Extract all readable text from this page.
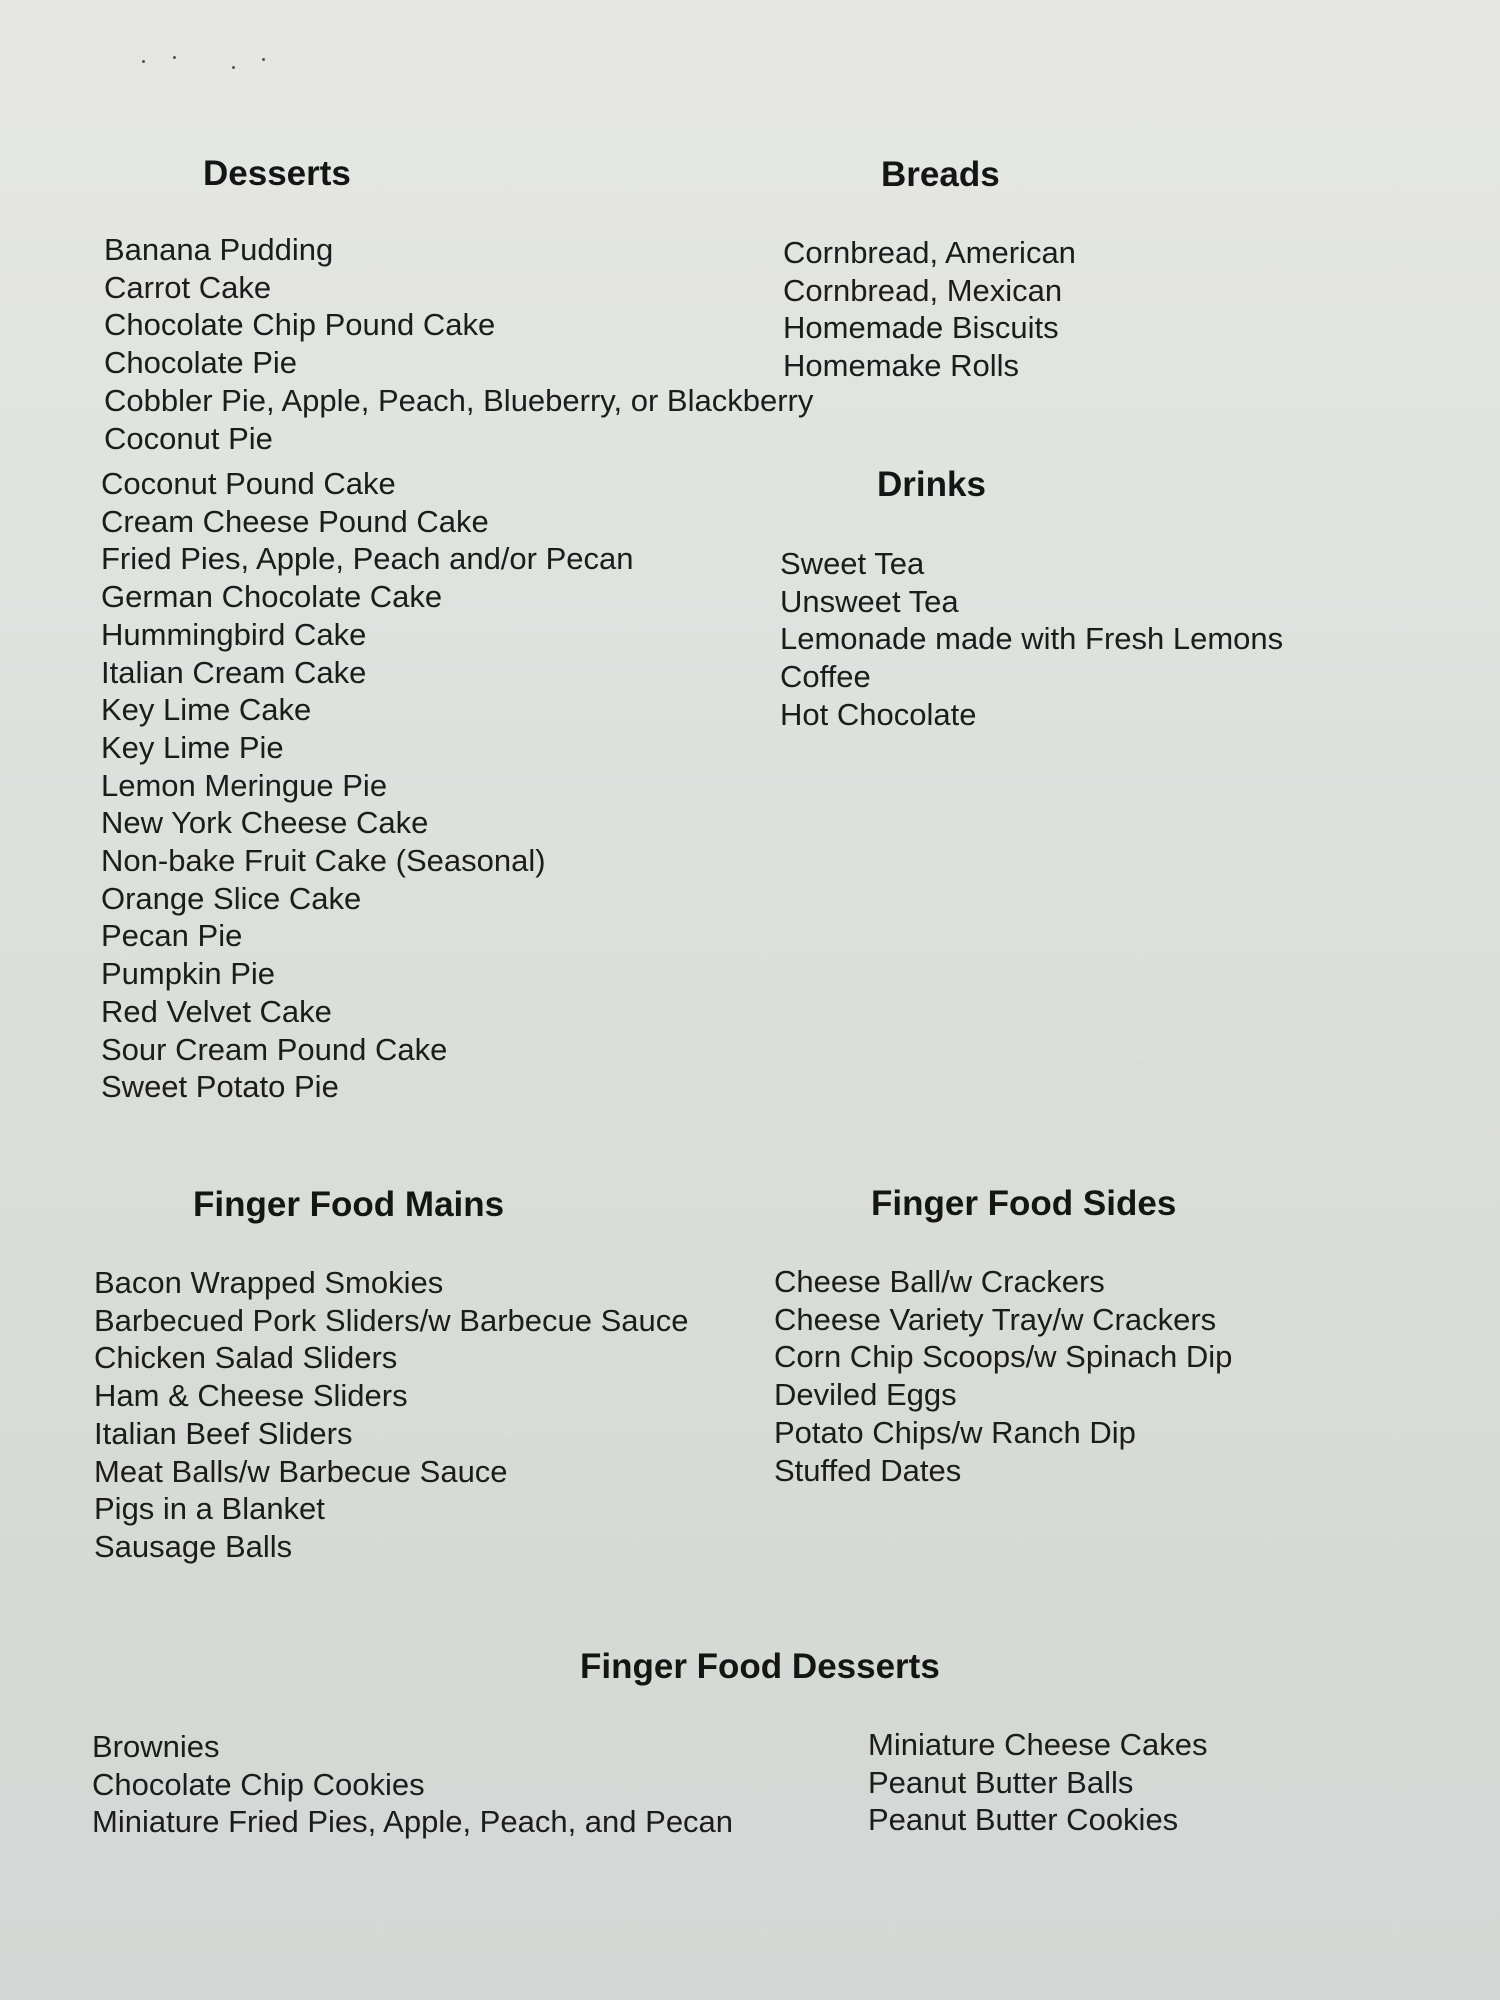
Desserts
Banana Pudding
Carrot Cake
Chocolate Chip Pound Cake
Chocolate Pie
Cobbler Pie, Apple, Peach, Blueberry, or Blackberry
Coconut Pie
Coconut Pound Cake
Cream Cheese Pound Cake
Fried Pies, Apple, Peach and/or Pecan
German Chocolate Cake
Hummingbird Cake
Italian Cream Cake
Key Lime Cake
Key Lime Pie
Lemon Meringue Pie
New York Cheese Cake
Non-bake Fruit Cake (Seasonal)
Orange Slice Cake
Pecan Pie
Pumpkin Pie
Red Velvet Cake
Sour Cream Pound Cake
Sweet Potato Pie
Breads
Cornbread, American
Cornbread, Mexican
Homemade Biscuits
Homemake Rolls
Drinks
Sweet Tea
Unsweet Tea
Lemonade made with Fresh Lemons
Coffee
Hot Chocolate
Finger Food Mains
Bacon Wrapped Smokies
Barbecued Pork Sliders/w Barbecue Sauce
Chicken Salad Sliders
Ham & Cheese Sliders
Italian Beef Sliders
Meat Balls/w Barbecue Sauce
Pigs in a Blanket
Sausage Balls
Finger Food Sides
Cheese Ball/w Crackers
Cheese Variety Tray/w Crackers
Corn Chip Scoops/w Spinach Dip
Deviled Eggs
Potato Chips/w Ranch Dip
Stuffed Dates
Finger Food Desserts
Brownies
Chocolate Chip Cookies
Miniature Fried Pies, Apple, Peach, and Pecan
Miniature Cheese Cakes
Peanut Butter Balls
Peanut Butter Cookies
